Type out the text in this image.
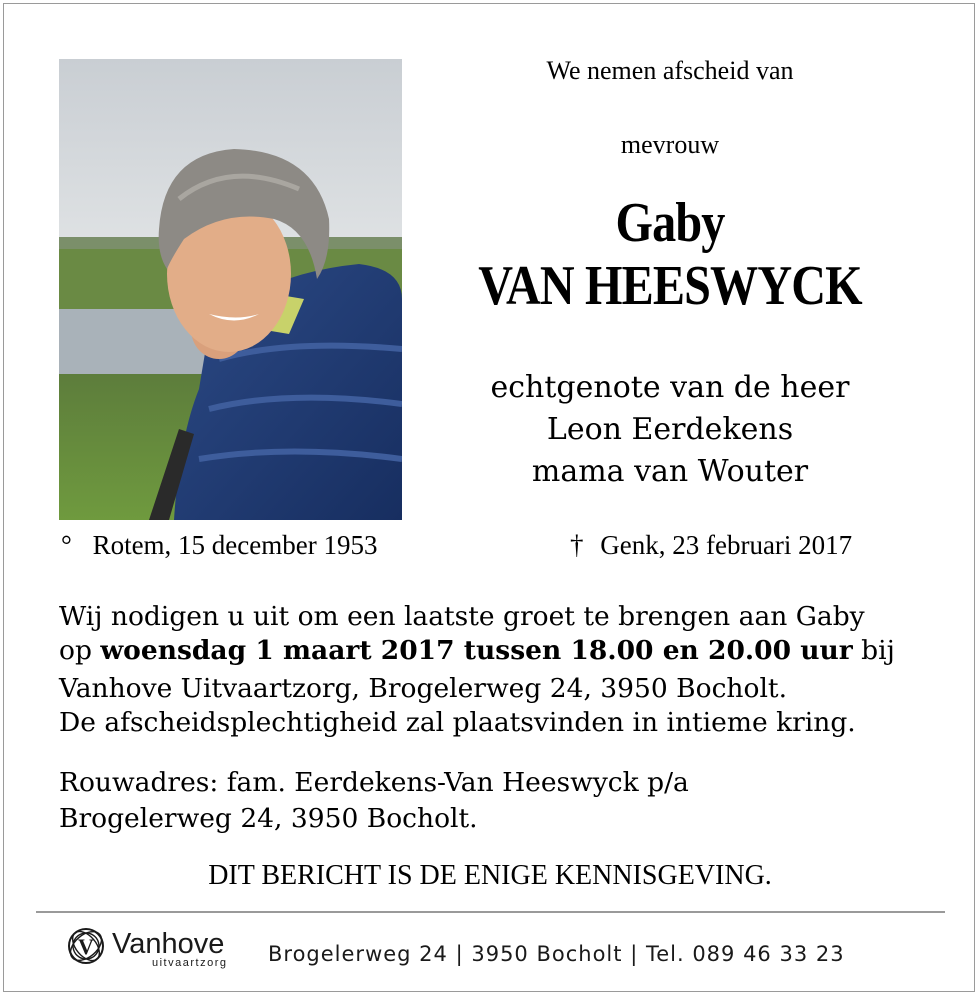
We nemen afscheid van
mevrouw
Gaby
VAN HEESWYCK
echtgenote van de heer
Leon Eerdekens
mama van Wouter
° Rotem, 15 december 1953	† Genk, 23 februari 2017
Wij nodigen u uit om een laatste groet te brengen aan Gaby
op woensdag 1 maart 2017 tussen 18.00 en 20.00 uur bij
Vanhove Uitvaartzorg, Brogelerweg 24, 3950 Bocholt.
De afscheidsplechtigheid zal plaatsvinden in intieme kring.
Rouwadres: fam. Eerdekens-Van Heeswyck p/a
Brogelerweg 24, 3950 Bocholt.
DIT BERICHT IS DE ENIGE KENNISGEVING.
V Vanhove
uitvaartzorg Brogelerweg 24 | 3950 Bocholt | Tel. 089 46 33 23
